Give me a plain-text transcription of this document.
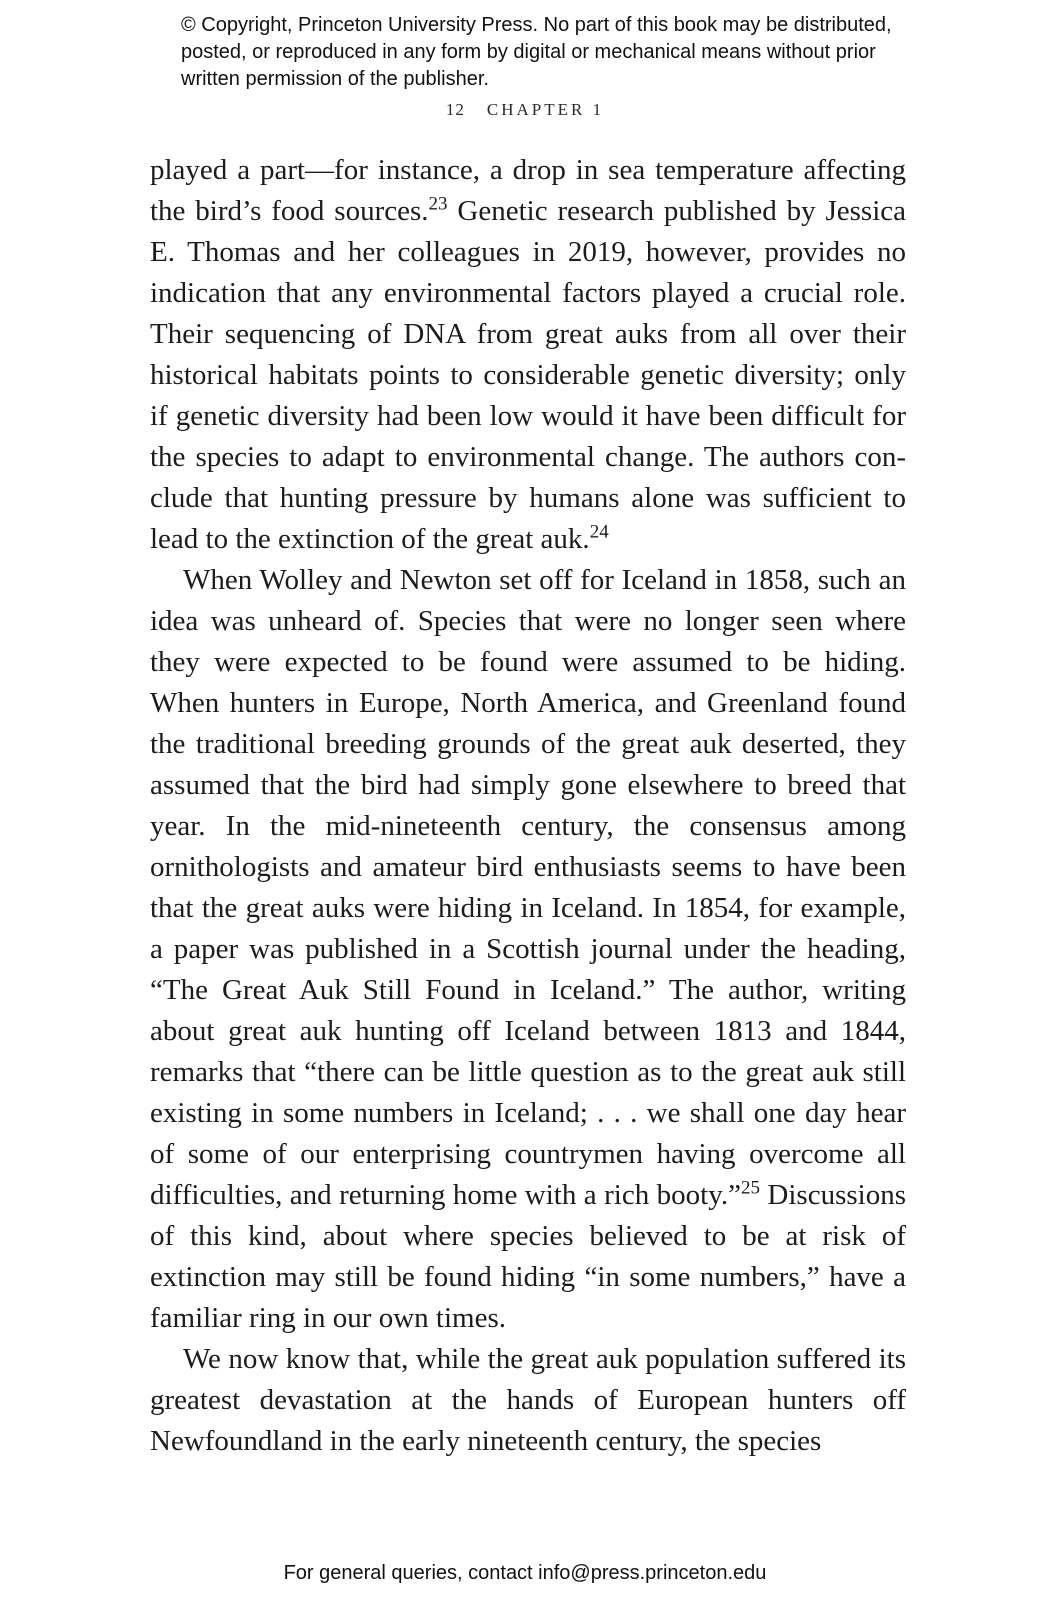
© Copyright, Princeton University Press. No part of this book may be distributed, posted, or reproduced in any form by digital or mechanical means without prior written permission of the publisher.
12 CHAPTER 1

played a part—for instance, a drop in sea temperature affecting the bird’s food sources.$^{23}$ Genetic research published by Jessica E. Thomas and her colleagues in 2019, however, provides no indication that any environmental factors played a crucial role. Their sequencing of DNA from great auks from all over their historical habitats points to considerable genetic diversity; only if genetic diversity had been low would it have been difficult for the species to adapt to environmental change. The authors conclude that hunting pressure by humans alone was sufficient to lead to the extinction of the great auk.$^{24}$

When Wolley and Newton set off for Iceland in 1858, such an idea was unheard of. Species that were no longer seen where they were expected to be found were assumed to be hiding. When hunters in Europe, North America, and Greenland found the traditional breeding grounds of the great auk deserted, they assumed that the bird had simply gone elsewhere to breed that year. In the mid-nineteenth century, the consensus among ornithologists and amateur bird enthusiasts seems to have been that the great auks were hiding in Iceland. In 1854, for example, a paper was published in a Scottish journal under the heading, “The Great Auk Still Found in Iceland.” The author, writing about great auk hunting off Iceland between 1813 and 1844, remarks that “there can be little question as to the great auk still existing in some numbers in Iceland; . . . we shall one day hear of some of our enterprising countrymen having overcome all difficulties, and returning home with a rich booty.”$^{25}$ Discussions of this kind, about where species believed to be at risk of extinction may still be found hiding “in some numbers,” have a familiar ring in our own times.

We now know that, while the great auk population suffered its greatest devastation at the hands of European hunters off Newfoundland in the early nineteenth century, the species

For general queries, contact info@press.princeton.edu
